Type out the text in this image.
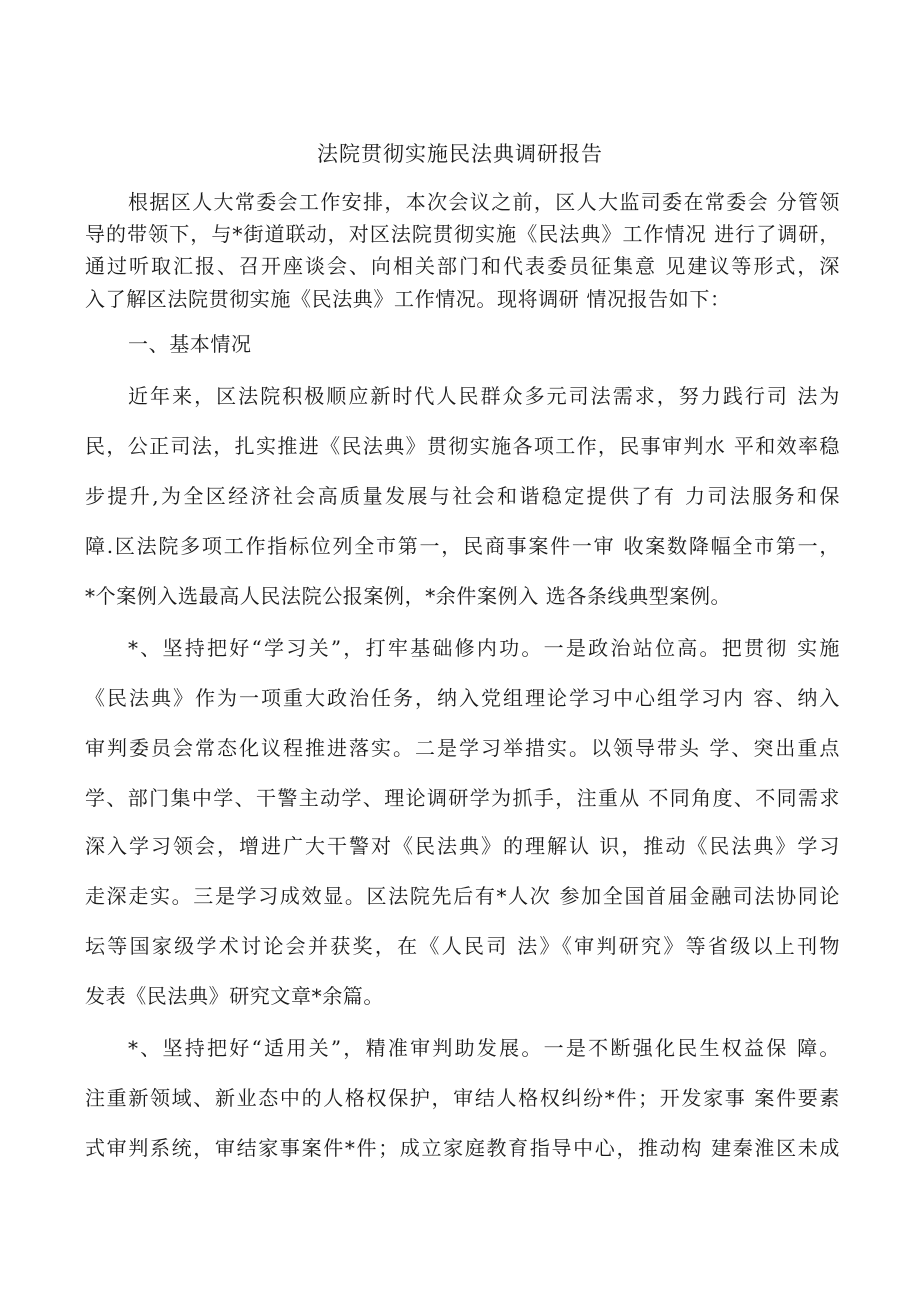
法院贯彻实施民法典调研报告
根据区人大常委会工作安排，本次会议之前，区人大监司委在常委会 分管领
导的带领下，与*街道联动，对区法院贯彻实施《民法典》工作情况 进行了调研，
通过听取汇报、召开座谈会、向相关部门和代表委员征集意 见建议等形式，深
入了解区法院贯彻实施《民法典》工作情况。现将调研 情况报告如下：
一、基本情况
近年来，区法院积极顺应新时代人民群众多元司法需求，努力践行司 法为
民，公正司法，扎实推进《民法典》贯彻实施各项工作，民事审判水 平和效率稳
步提升,为全区经济社会高质量发展与社会和谐稳定提供了有 力司法服务和保
障.区法院多项工作指标位列全市第一，民商事案件一审 收案数降幅全市第一，
*个案例入选最高人民法院公报案例，*余件案例入 选各条线典型案例。
*、坚持把好“学习关”，打牢基础修内功。一是政治站位高。把贯彻 实施
《民法典》作为一项重大政治任务，纳入党组理论学习中心组学习内 容、纳入
审判委员会常态化议程推进落实。二是学习举措实。以领导带头 学、突出重点
学、部门集中学、干警主动学、理论调研学为抓手，注重从 不同角度、不同需求
深入学习领会，增进广大干警对《民法典》的理解认 识，推动《民法典》学习
走深走实。三是学习成效显。区法院先后有*人次 参加全国首届金融司法协同论
坛等国家级学术讨论会并获奖，在《人民司 法》《审判研究》等省级以上刊物
发表《民法典》研究文章*余篇。
*、坚持把好“适用关”，精准审判助发展。一是不断强化民生权益保 障。
注重新领域、新业态中的人格权保护，审结人格权纠纷*件；开发家事 案件要素
式审判系统，审结家事案件*件；成立家庭教育指导中心，推动构 建秦淮区未成
